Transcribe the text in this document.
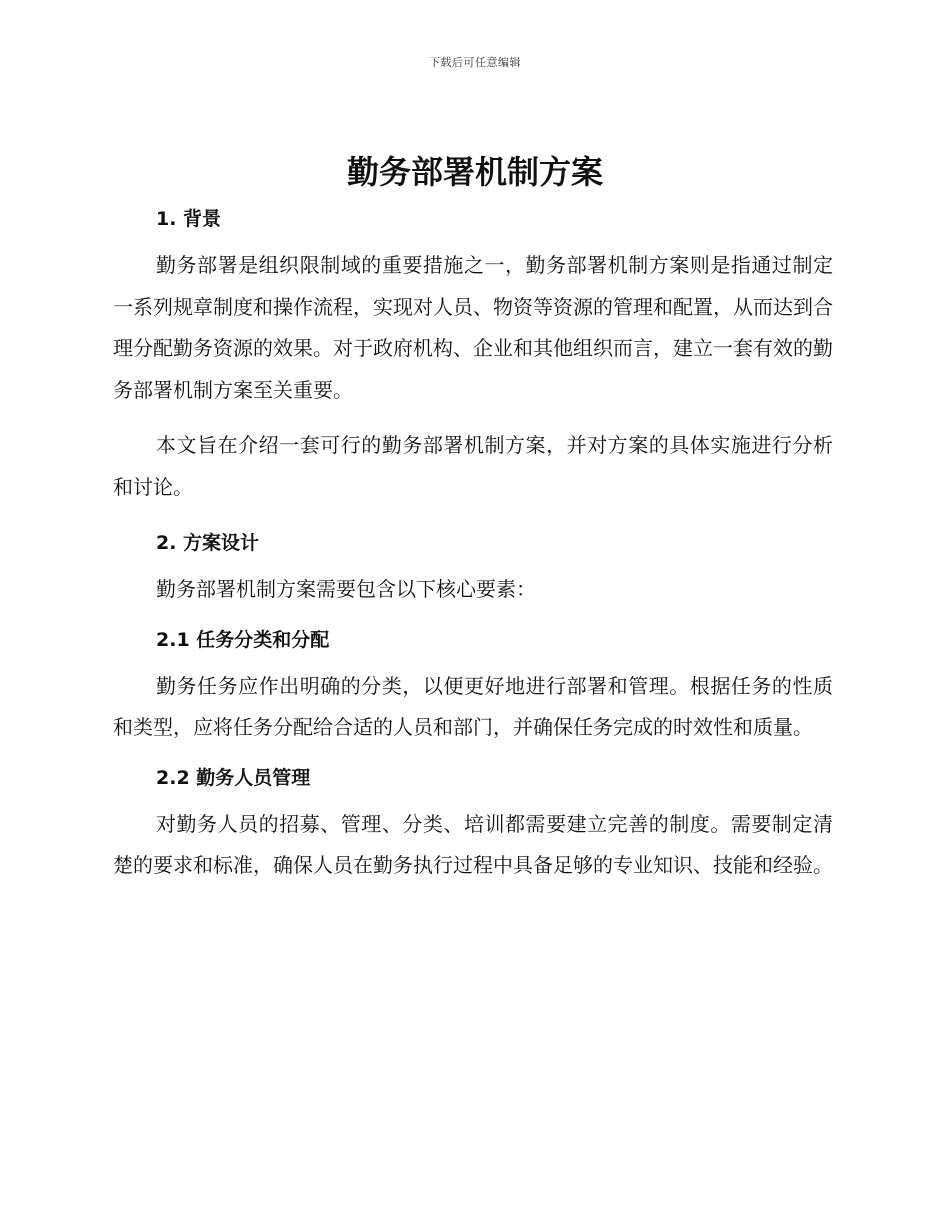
下载后可任意编辑
勤务部署机制方案
1. 背景

勤务部署是组织限制域的重要措施之一，勤务部署机制方案则是指通过制定一系列规章制度和操作流程，实现对人员、物资等资源的管理和配置，从而达到合理分配勤务资源的效果。对于政府机构、企业和其他组织而言，建立一套有效的勤务部署机制方案至关重要。

本文旨在介绍一套可行的勤务部署机制方案，并对方案的具体实施进行分析和讨论。

2. 方案设计

勤务部署机制方案需要包含以下核心要素：

2.1 任务分类和分配

勤务任务应作出明确的分类，以便更好地进行部署和管理。根据任务的性质和类型，应将任务分配给合适的人员和部门，并确保任务完成的时效性和质量。

2.2 勤务人员管理

对勤务人员的招募、管理、分类、培训都需要建立完善的制度。需要制定清楚的要求和标准，确保人员在勤务执行过程中具备足够的专业知识、技能和经验。
